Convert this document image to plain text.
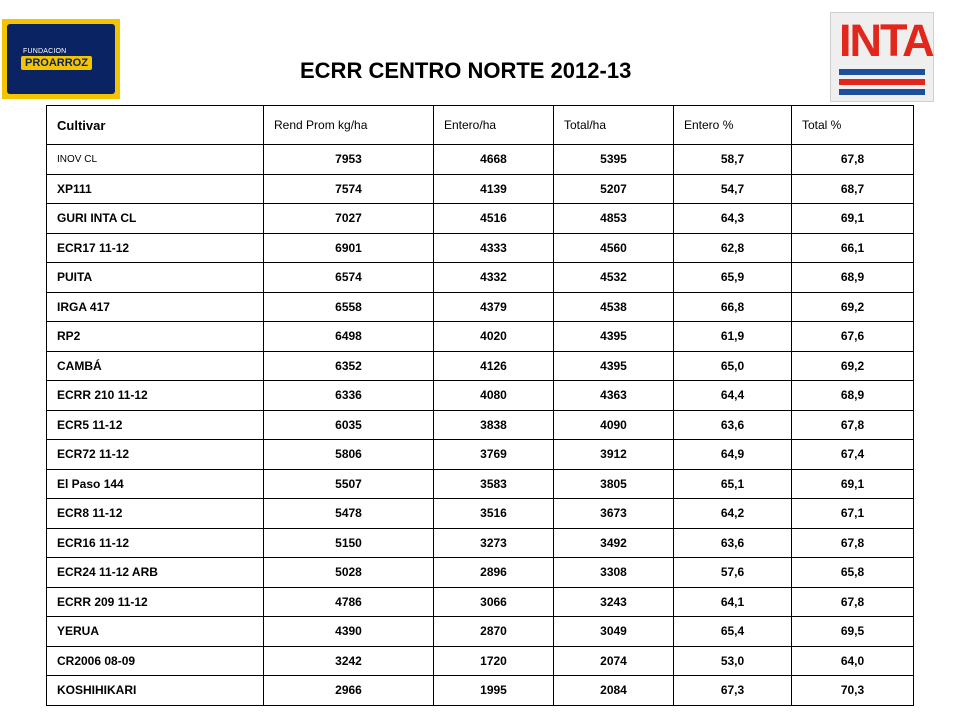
FUNDACION
PROARROZ	INTA
ECRR CENTRO NORTE 2012-13
Cultivar	Rend Prom kg/ha	Entero/ha	Total/ha	Entero %	Total %
INOV CL	7953	4668	5395	58,7	67,8
XP111	7574	4139	5207	54,7	68,7
GURI INTA CL	7027	4516	4853	64,3	69,1
ECR17 11-12	6901	4333	4560	62,8	66,1
PUITA	6574	4332	4532	65,9	68,9
IRGA 417	6558	4379	4538	66,8	69,2
RP2	6498	4020	4395	61,9	67,6
CAMBÁ	6352	4126	4395	65,0	69,2
ECRR 210 11-12	6336	4080	4363	64,4	68,9
ECR5 11-12	6035	3838	4090	63,6	67,8
ECR72 11-12	5806	3769	3912	64,9	67,4
El Paso 144	5507	3583	3805	65,1	69,1
ECR8 11-12	5478	3516	3673	64,2	67,1
ECR16 11-12	5150	3273	3492	63,6	67,8
ECR24 11-12 ARB	5028	2896	3308	57,6	65,8
ECRR 209 11-12	4786	3066	3243	64,1	67,8
YERUA	4390	2870	3049	65,4	69,5
CR2006 08-09	3242	1720	2074	53,0	64,0
KOSHIHIKARI	2966	1995	2084	67,3	70,3
